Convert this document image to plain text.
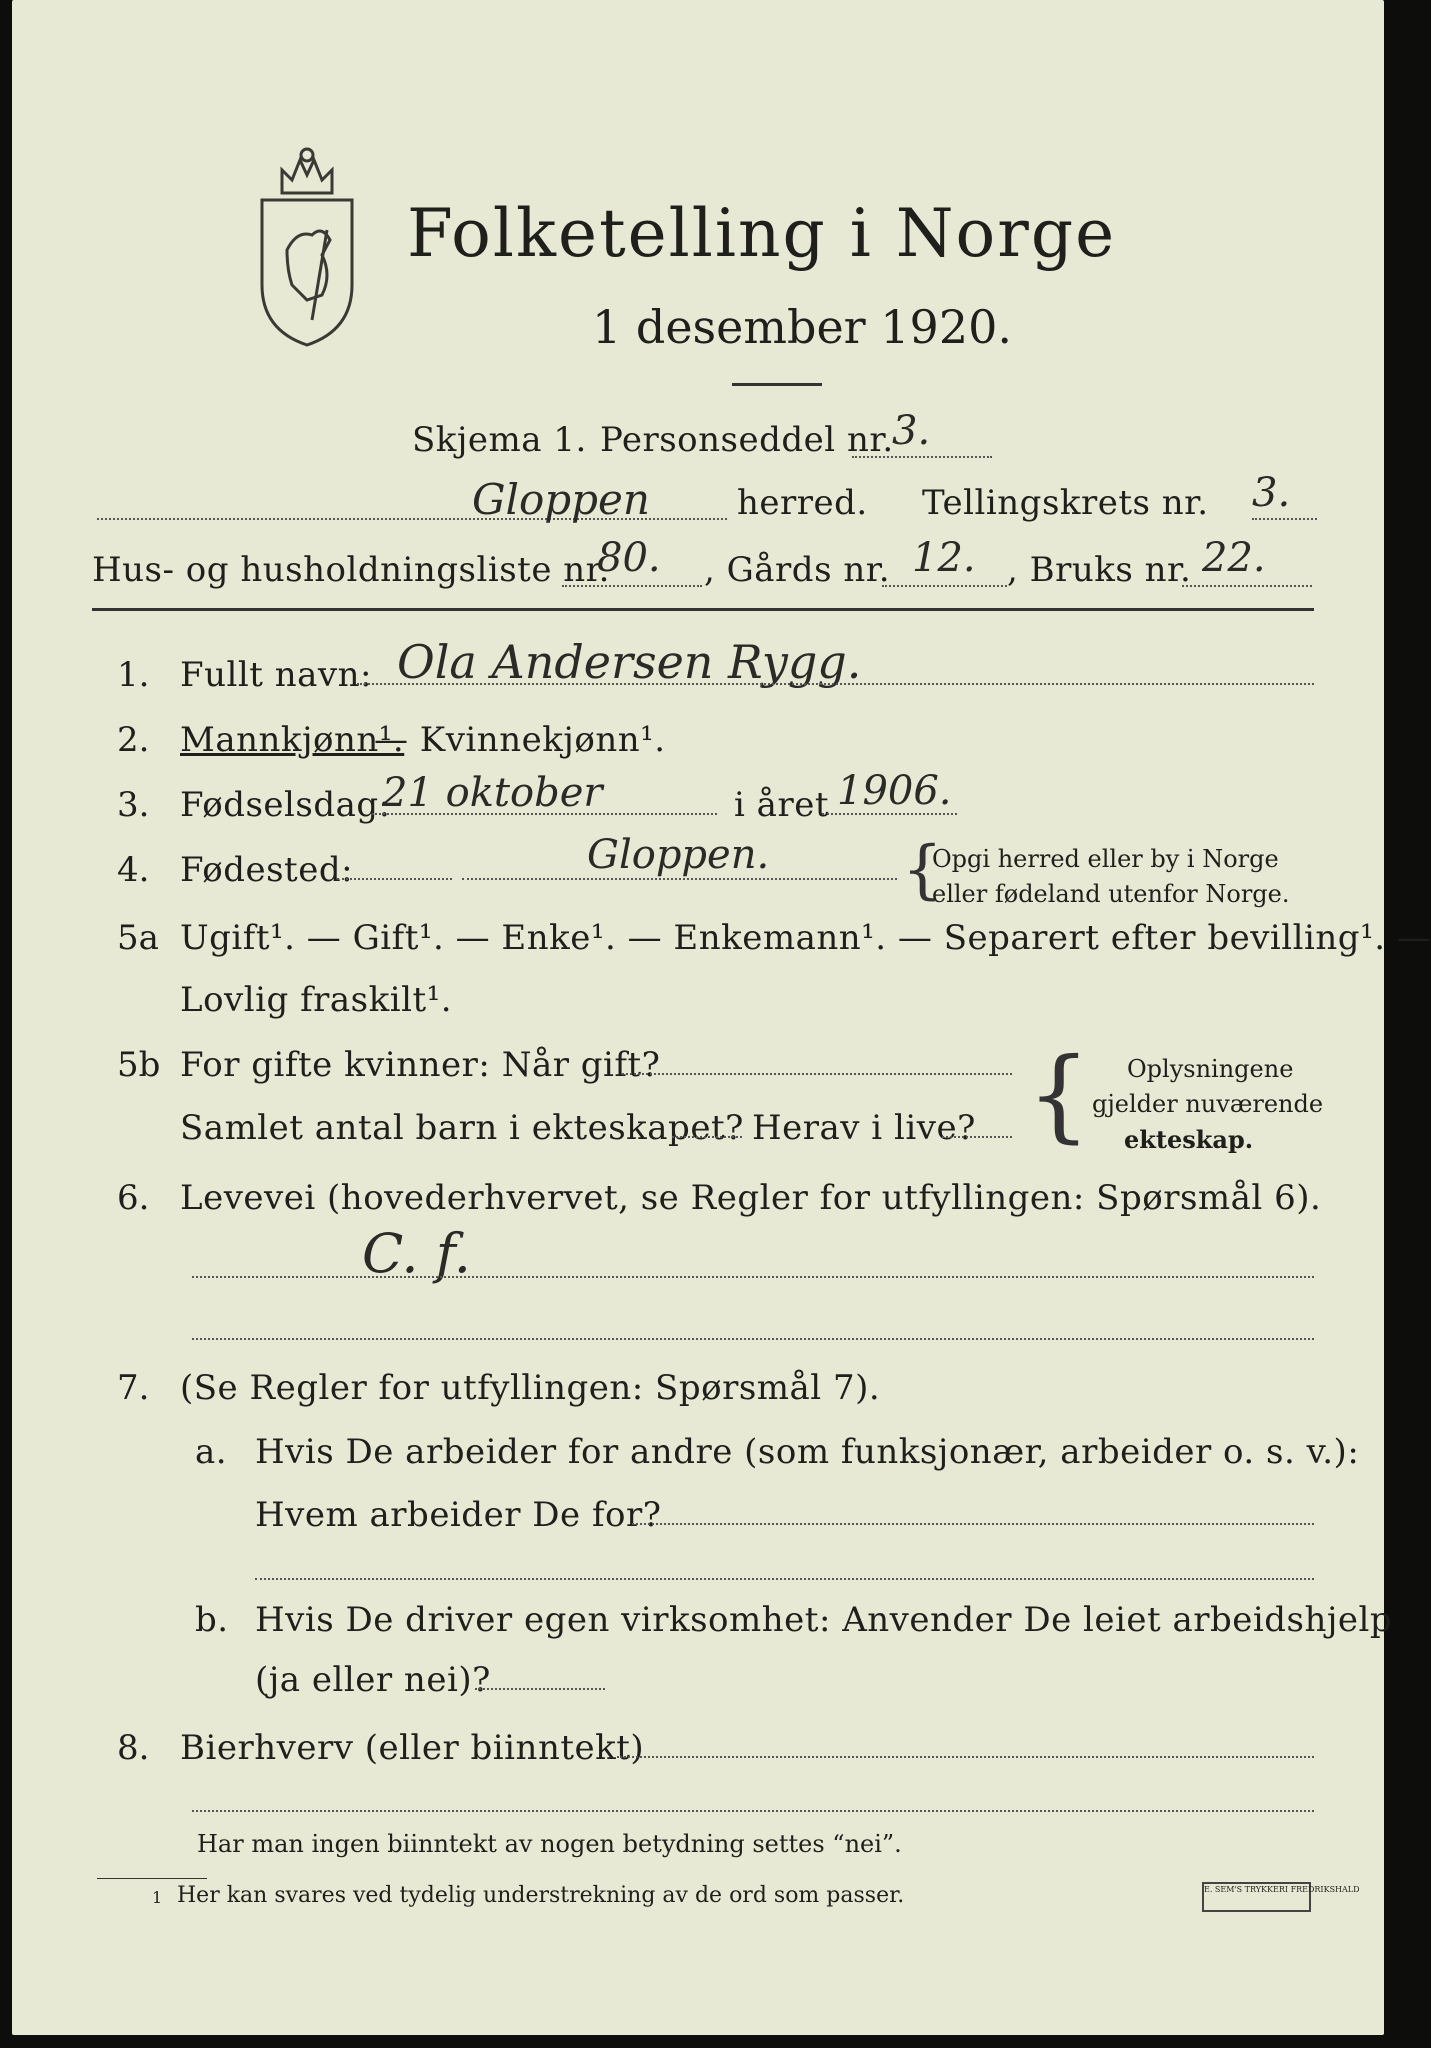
Folketelling i Norge
1 desember 1920.
Skjema 1. Personseddel nr.
3.
Gloppen	herred. Tellingskrets nr. 3.
Hus- og husholdningsliste nr.
80. , Gårds nr. 12. , Bruks nr. 22.
1. Fullt navn: Ola Andersen Rygg.
2. Mannkjønn¹.
— Kvinnekjønn¹.
3. Fødselsdag:
21 oktober	i året 1906.
4. Fødested:	Gloppen. {
Opgi herred eller by i Norge
eller fødeland utenfor Norge.
5a Ugift¹. — Gift¹. — Enke¹. — Enkemann¹. — Separert efter bevilling¹. —
Lovlig fraskilt¹.
5b For gifte kvinner: Når gift?
Samlet antal barn i ekteskapet? Herav i live? { Oplysningene
gjelder nuværende
ekteskap.
6. Levevei (hovederhvervet, se Regler for utfyllingen: Spørsmål 6).
C. f.
7. (Se Regler for utfyllingen: Spørsmål 7).
a. Hvis De arbeider for andre (som funksjonær, arbeider o. s. v.):
Hvem arbeider De for?
b. Hvis De driver egen virksomhet: Anvender De leiet arbeidshjelp
(ja eller nei)?
8. Bierhverv (eller biinntekt)
Har man ingen biinntekt av nogen betydning settes “nei”.
1 Her kan svares ved tydelig understrekning av de ord som passer.	E. SEM'S TRYKKERI FREDRIKSHALD
